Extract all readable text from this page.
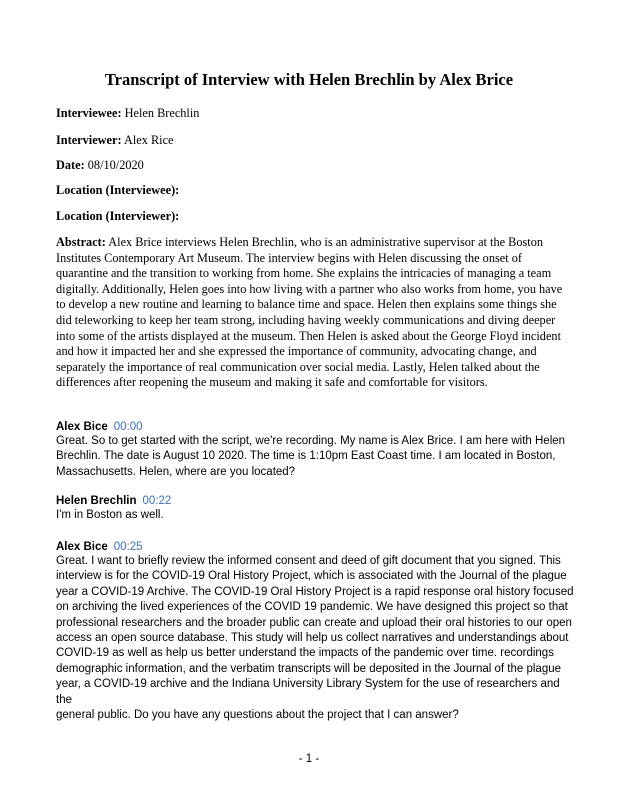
Transcript of Interview with Helen Brechlin by Alex Brice
Interviewee: Helen Brechlin
Interviewer: Alex Rice
Date: 08/10/2020
Location (Interviewee):
Location (Interviewer):
Abstract: Alex Brice interviews Helen Brechlin, who is an administrative supervisor at the Boston
Institutes Contemporary Art Museum. The interview begins with Helen discussing the onset of
quarantine and the transition to working from home. She explains the intricacies of managing a team
digitally. Additionally, Helen goes into how living with a partner who also works from home, you have
to develop a new routine and learning to balance time and space. Helen then explains some things she
did teleworking to keep her team strong, including having weekly communications and diving deeper
into some of the artists displayed at the museum. Then Helen is asked about the George Floyd incident
and how it impacted her and she expressed the importance of community, advocating change, and
separately the importance of real communication over social media. Lastly, Helen talked about the
differences after reopening the museum and making it safe and comfortable for visitors.
Alex Bice 00:00
Great. So to get started with the script, we're recording. My name is Alex Brice. I am here with Helen
Brechlin. The date is August 10 2020. The time is 1:10pm East Coast time. I am located in Boston,
Massachusetts. Helen, where are you located?
Helen Brechlin 00:22
I'm in Boston as well.
Alex Bice 00:25
Great. I want to briefly review the informed consent and deed of gift document that you signed. This
interview is for the COVID-19 Oral History Project, which is associated with the Journal of the plague
year a COVID-19 Archive. The COVID-19 Oral History Project is a rapid response oral history focused
on archiving the lived experiences of the COVID 19 pandemic. We have designed this project so that
professional researchers and the broader public can create and upload their oral histories to our open
access an open source database. This study will help us collect narratives and understandings about
COVID-19 as well as help us better understand the impacts of the pandemic over time. recordings
demographic information, and the verbatim transcripts will be deposited in the Journal of the plague
year, a COVID-19 archive and the Indiana University Library System for the use of researchers and the
general public. Do you have any questions about the project that I can answer?
- 1 -
